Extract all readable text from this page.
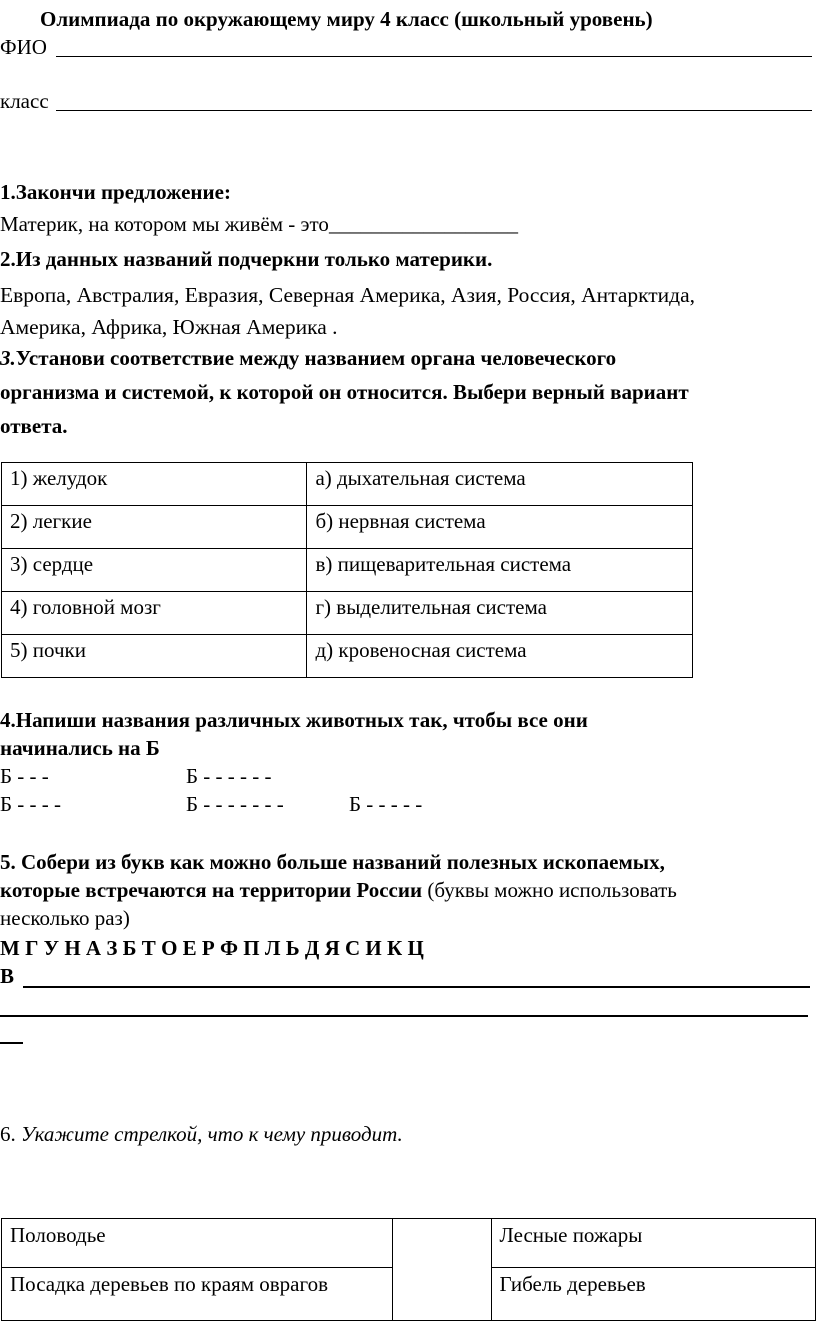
Олимпиада по окружающему миру 4 класс (школьный уровень)
ФИО
класс
1.Закончи предложение:
Материк, на котором мы живём - это__________________
2.Из данных названий подчеркни только материки.
Европа, Австралия, Евразия, Северная Америка, Азия, Россия, Антарктида,
Америка, Африка, Южная Америка .
3.Установи соответствие между названием органа человеческого
организма и системой, к которой он относится. Выбери верный вариант
ответа.
1) желудок	а) дыхательная система
2) легкие	б) нервная система
3) сердце	в) пищеварительная система
4) головной мозг	г) выделительная система
5) почки	д) кровеносная система
4.Напиши названия различных животных так, чтобы все они
начинались на Б
Б - - -	Б - - - - - -
Б - - - -	Б - - - - - - -	Б - - - - -
5. Собери из букв как можно больше названий полезных ископаемых,
которые встречаются на территории России (буквы можно использовать
несколько раз)
М Г У Н А З Б Т О Е Р Ф П Л Ь Д Я С И К Ц
В
6. Укажите стрелкой, что к чему приводит.
Половодье		Лесные пожары
Посадка деревьев по краям оврагов		Гибель деревьев
